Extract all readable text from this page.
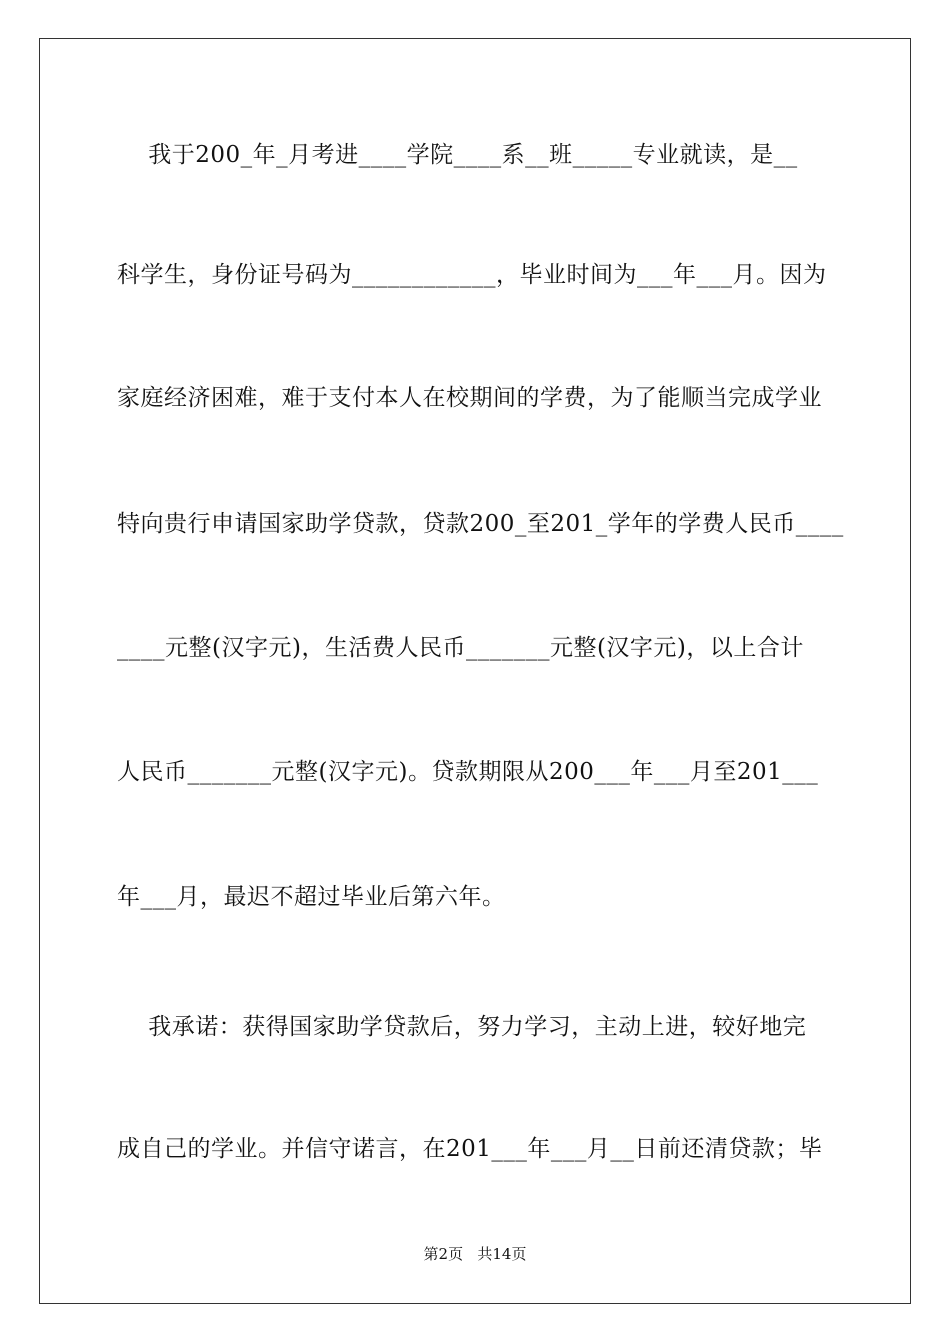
我于200_年_月考进____学院____系__班_____专业就读，是__
科学生，身份证号码为____________，毕业时间为___年___月。因为
家庭经济困难，难于支付本人在校期间的学费，为了能顺当完成学业
特向贵行申请国家助学贷款，贷款200_至201_学年的学费人民币____
____元整(汉字元)，生活费人民币_______元整(汉字元)，以上合计
人民币_______元整(汉字元)。贷款期限从200___年___月至201___
年___月，最迟不超过毕业后第六年。
我承诺：获得国家助学贷款后，努力学习，主动上进，较好地完
成自己的学业。并信守诺言，在201___年___月__日前还清贷款；毕
第2页   共14页
